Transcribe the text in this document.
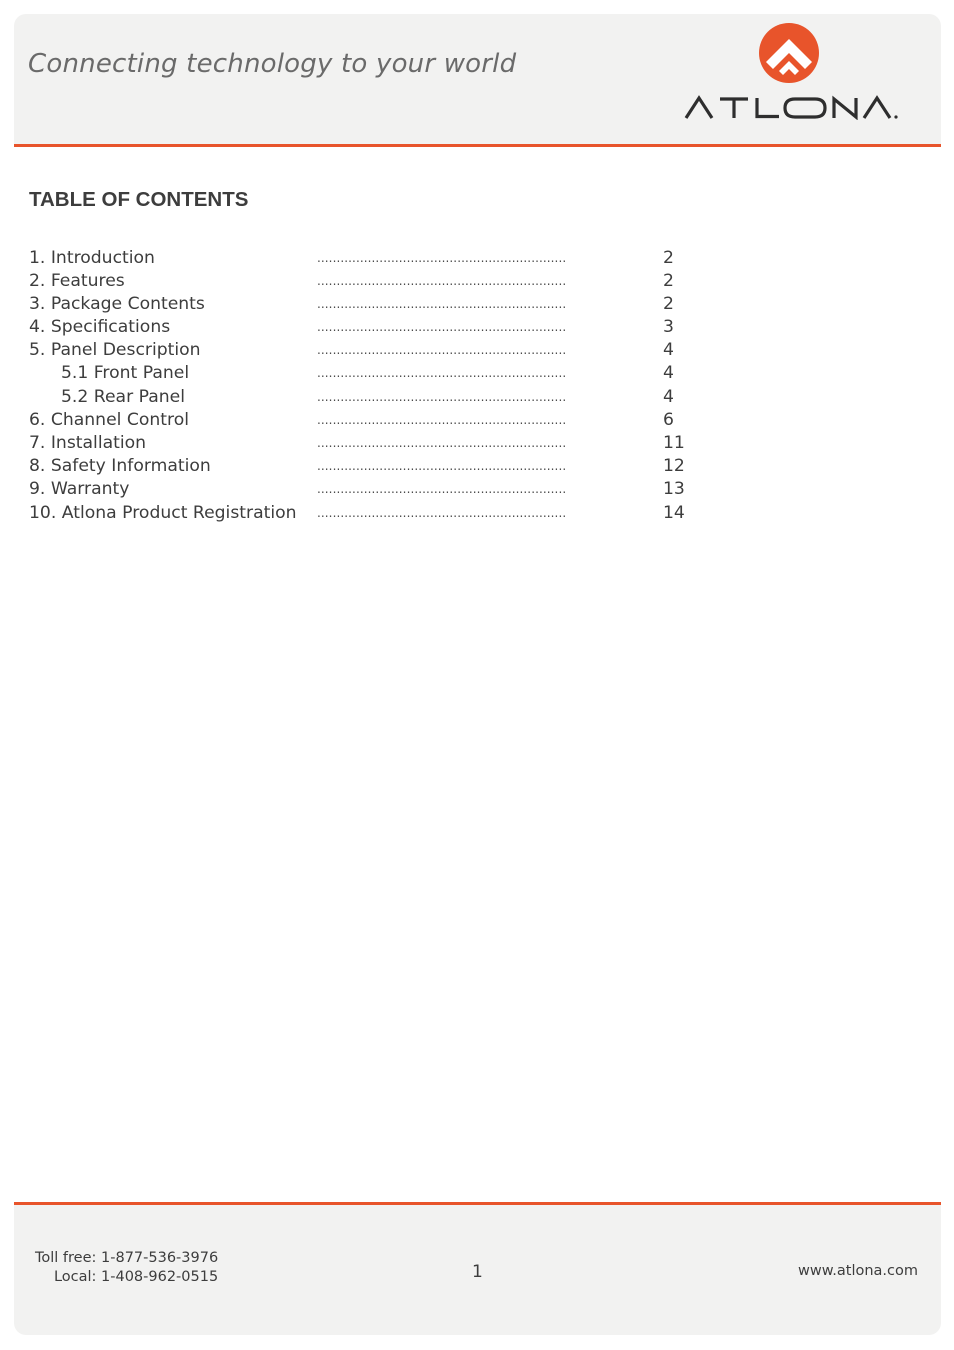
Connecting technology to your world
TABLE OF CONTENTS
1. Introduction	................................................................	2
2. Features	................................................................	2
3. Package Contents	................................................................	2
4. Specifications	................................................................	3
5. Panel Description	................................................................	4
5.1 Front Panel	................................................................	4
5.2 Rear Panel	................................................................	4
6. Channel Control	................................................................	6
7. Installation	................................................................	11
8. Safety Information	................................................................	12
9. Warranty	................................................................	13
10. Atlona Product Registration ................................................................	14
Toll free: 1-877-536-3976
Local: 1-408-962-0515	1	www.atlona.com
